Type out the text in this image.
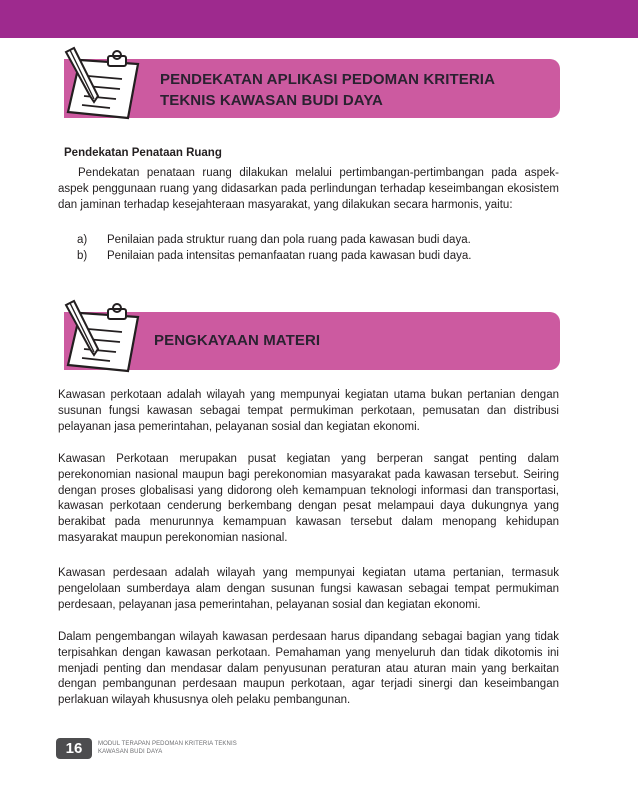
PENDEKATAN APLIKASI PEDOMAN KRITERIA
TEKNIS KAWASAN BUDI DAYA
Pendekatan Penataan Ruang

Pendekatan penataan ruang dilakukan melalui pertimbangan-pertimbangan pada aspek-aspek penggunaan ruang yang didasarkan pada perlindungan terhadap keseimbangan ekosistem dan jaminan terhadap kesejahteraan masyarakat, yang dilakukan secara harmonis, yaitu:

a) Penilaian pada struktur ruang dan pola ruang pada kawasan budi daya.
b) Penilaian pada intensitas pemanfaatan ruang pada kawasan budi daya.
PENGKAYAAN MATERI

Kawasan perkotaan adalah wilayah yang mempunyai kegiatan utama bukan pertanian dengan susunan fungsi kawasan sebagai tempat permukiman perkotaan, pemusatan dan distribusi pelayanan jasa pemerintahan, pelayanan sosial dan kegiatan ekonomi.

Kawasan Perkotaan merupakan pusat kegiatan yang berperan sangat penting dalam perekonomian nasional maupun bagi perekonomian masyarakat pada kawasan tersebut. Seiring dengan proses globalisasi yang didorong oleh kemampuan teknologi informasi dan transportasi, kawasan perkotaan cenderung berkembang dengan pesat melampaui daya dukungnya yang berakibat pada menurunnya kemampuan kawasan tersebut dalam menopang kehidupan masyarakat maupun perekonomian nasional.

Kawasan perdesaan adalah wilayah yang mempunyai kegiatan utama pertanian, termasuk pengelolaan sumberdaya alam dengan susunan fungsi kawasan sebagai tempat permukiman perdesaan, pelayanan jasa pemerintahan, pelayanan sosial dan kegiatan ekonomi.

Dalam pengembangan wilayah kawasan perdesaan harus dipandang sebagai bagian yang tidak terpisahkan dengan kawasan perkotaan. Pemahaman yang menyeluruh dan tidak dikotomis ini menjadi penting dan mendasar dalam penyusunan peraturan atau aturan main yang berkaitan dengan pembangunan perdesaan maupun perkotaan, agar terjadi sinergi dan keseimbangan perlakuan wilayah khususnya oleh pelaku pembangunan.

16	MODUL TERAPAN PEDOMAN KRITERIA TEKNIS
KAWASAN BUDI DAYA
